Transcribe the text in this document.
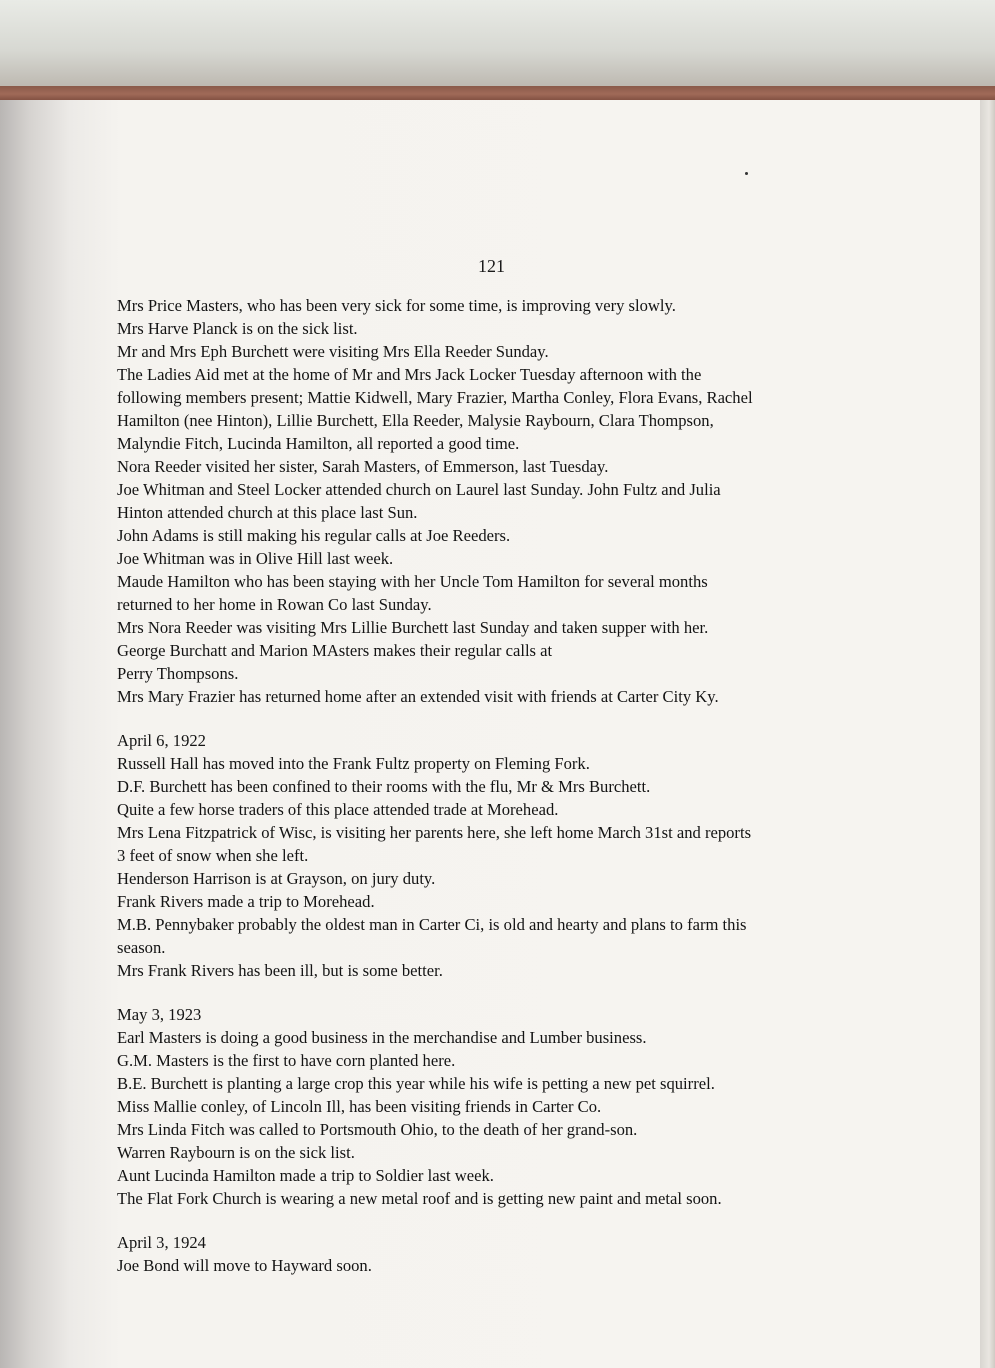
121
Mrs Price Masters, who has been very sick for some time, is improving very slowly.
Mrs Harve Planck is on the sick list.
Mr and Mrs Eph Burchett were visiting Mrs Ella Reeder Sunday.
The Ladies Aid met at the home of Mr and Mrs Jack Locker Tuesday afternoon with the
following members present; Mattie Kidwell, Mary Frazier, Martha Conley, Flora Evans, Rachel
Hamilton (nee Hinton), Lillie Burchett, Ella Reeder, Malysie Raybourn, Clara Thompson,
Malyndie Fitch, Lucinda Hamilton, all reported a good time.
Nora Reeder visited her sister, Sarah Masters, of Emmerson, last Tuesday.
Joe Whitman and Steel Locker attended church on Laurel last Sunday. John Fultz and Julia
Hinton attended church at this place last Sun.
John Adams is still making his regular calls at Joe Reeders.
Joe Whitman was in Olive Hill last week.
Maude Hamilton who has been staying with her Uncle Tom Hamilton for several months
returned to her home in Rowan Co last Sunday.
Mrs Nora Reeder was visiting Mrs Lillie Burchett last Sunday and taken supper with her.
George Burchatt and Marion MAsters makes their regular calls at
Perry Thompsons.
Mrs Mary Frazier has returned home after an extended visit with friends at Carter City Ky.
April 6, 1922
Russell Hall has moved into the Frank Fultz property on Fleming Fork.
D.F. Burchett has been confined to their rooms with the flu, Mr & Mrs Burchett.
Quite a few horse traders of this place attended trade at Morehead.
Mrs Lena Fitzpatrick of Wisc, is visiting her parents here, she left home March 31st and reports
3 feet of snow when she left.
Henderson Harrison is at Grayson, on jury duty.
Frank Rivers made a trip to Morehead.
M.B. Pennybaker probably the oldest man in Carter Ci, is old and hearty and plans to farm this
season.
Mrs Frank Rivers has been ill, but is some better.
May 3, 1923
Earl Masters is doing a good business in the merchandise and Lumber business.
G.M. Masters is the first to have corn planted here.
B.E. Burchett is planting a large crop this year while his wife is petting a new pet squirrel.
Miss Mallie conley, of Lincoln Ill, has been visiting friends in Carter Co.
Mrs Linda Fitch was called to Portsmouth Ohio, to the death of her grand-son.
Warren Raybourn is on the sick list.
Aunt Lucinda Hamilton made a trip to Soldier last week.
The Flat Fork Church is wearing a new metal roof and is getting new paint and metal soon.
April 3, 1924
Joe Bond will move to Hayward soon.
